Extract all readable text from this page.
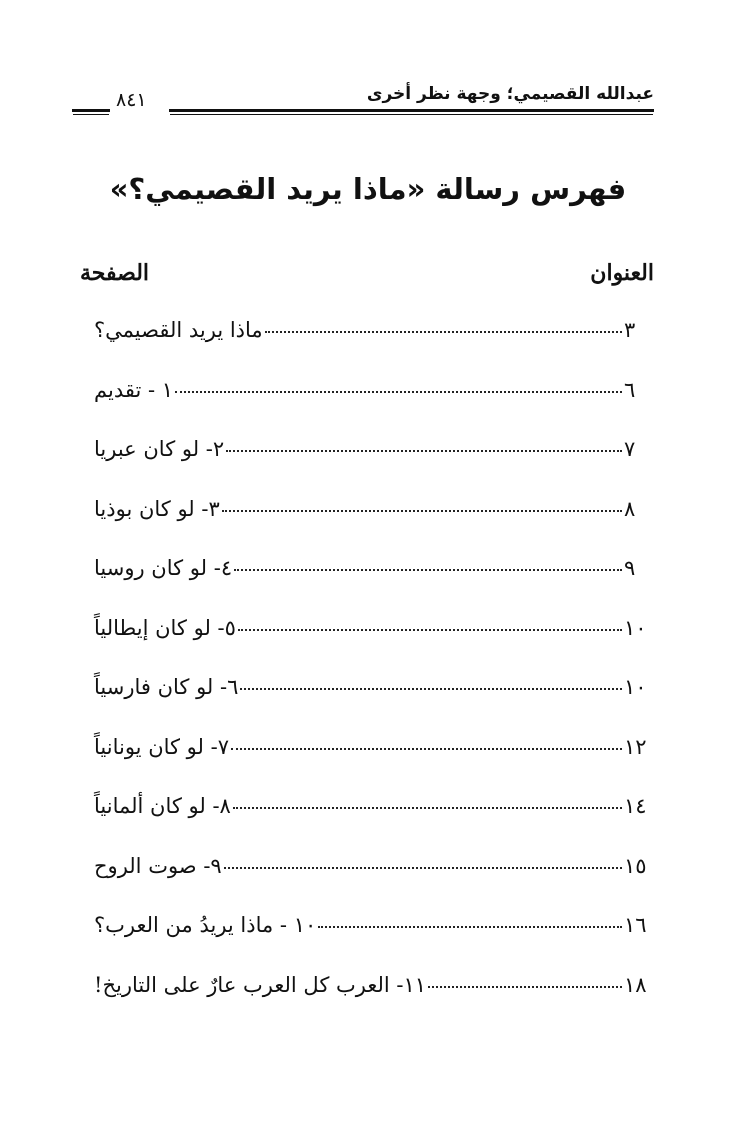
عبدالله القصيمي؛ وجهة نظر أخرى
٨٤١
فهرس رسالة «ماذا يريد القصيمي؟»
العنوان
الصفحة
ماذا يريد القصيمي؟	٣
١ - تقديم	٦
٢- لو كان عبريا	٧
٣- لو كان بوذيا	٨
٤- لو كان روسيا	٩
٥- لو كان إيطالياً	١٠
٦- لو كان فارسياً	١٠
٧- لو كان يونانياً	١٢
٨- لو كان ألمانياً	١٤
٩- صوت الروح	١٥
١٠ - ماذا يريدُ من العرب؟	١٦
١١- العرب كل العرب عارٌ على التاريخ!	١٨
